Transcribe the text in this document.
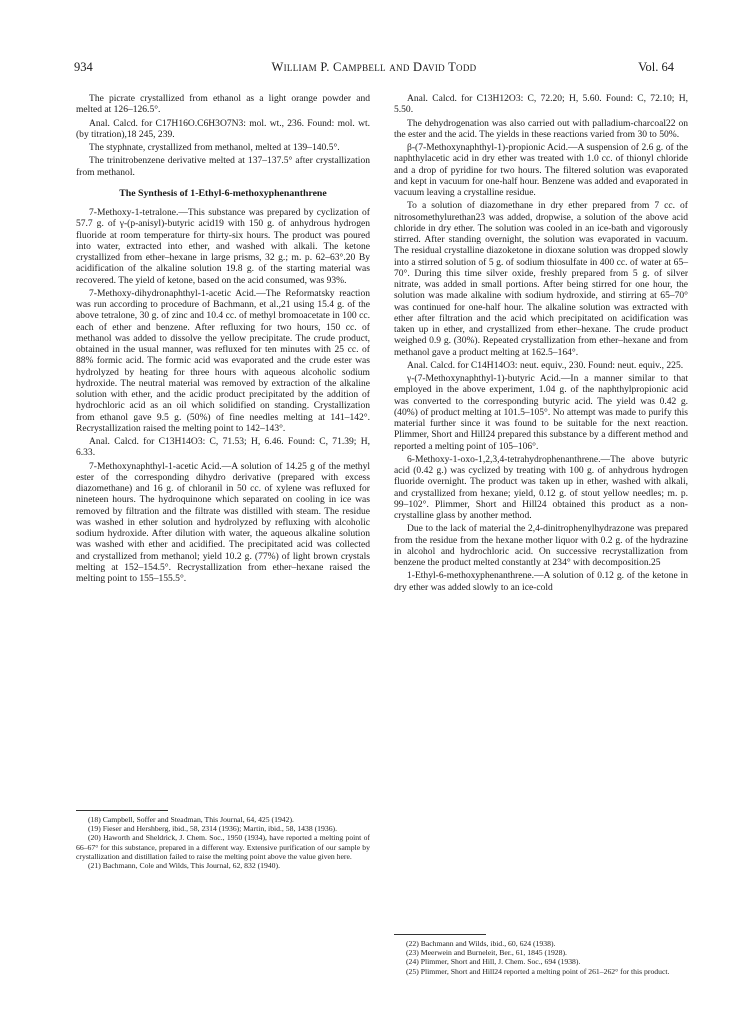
934	William P. Campbell and David Todd	Vol. 64

The picrate crystallized from ethanol as a light orange powder and melted at 126–126.5°.

Anal. Calcd. for C17H16O.C6H3O7N3: mol. wt., 236. Found: mol. wt. (by titration),18 245, 239.

The styphnate, crystallized from methanol, melted at 139–140.5°.

The trinitrobenzene derivative melted at 137–137.5° after crystallization from methanol.

The Synthesis of 1-Ethyl-6-methoxyphenanthrene

7-Methoxy-1-tetralone.—This substance was prepared by cyclization of 57.7 g. of γ-(p-anisyl)-butyric acid19 with 150 g. of anhydrous hydrogen fluoride at room temperature for thirty-six hours. The product was poured into water, extracted into ether, and washed with alkali. The ketone crystallized from ether–hexane in large prisms, 32 g.; m. p. 62–63°.20 By acidification of the alkaline solution 19.8 g. of the starting material was recovered. The yield of ketone, based on the acid consumed, was 93%.

7-Methoxy-dihydronaphthyl-1-acetic Acid.—The Reformatsky reaction was run according to procedure of Bachmann, et al.,21 using 15.4 g. of the above tetralone, 30 g. of zinc and 10.4 cc. of methyl bromoacetate in 100 cc. each of ether and benzene. After refluxing for two hours, 150 cc. of methanol was added to dissolve the yellow precipitate. The crude product, obtained in the usual manner, was refluxed for ten minutes with 25 cc. of 88% formic acid. The formic acid was evaporated and the crude ester was hydrolyzed by heating for three hours with aqueous alcoholic sodium hydroxide. The neutral material was removed by extraction of the alkaline solution with ether, and the acidic product precipitated by the addition of hydrochloric acid as an oil which solidified on standing. Crystallization from ethanol gave 9.5 g. (50%) of fine needles melting at 141–142°. Recrystallization raised the melting point to 142–143°.

Anal. Calcd. for C13H14O3: C, 71.53; H, 6.46. Found: C, 71.39; H, 6.33.

7-Methoxynaphthyl-1-acetic Acid.—A solution of 14.25 g of the methyl ester of the corresponding dihydro derivative (prepared with excess diazomethane) and 16 g. of chloranil in 50 cc. of xylene was refluxed for nineteen hours. The hydroquinone which separated on cooling in ice was removed by filtration and the filtrate was distilled with steam. The residue was washed in ether solution and hydrolyzed by refluxing with alcoholic sodium hydroxide. After dilution with water, the aqueous alkaline solution was washed with ether and acidified. The precipitated acid was collected and crystallized from methanol; yield 10.2 g. (77%) of light brown crystals melting at 152–154.5°. Recrystallization from ether–hexane raised the melting point to 155–155.5°.

(18) Campbell, Soffer and Steadman, This Journal, 64, 425 (1942).

(19) Fieser and Hershberg, ibid., 58, 2314 (1936); Martin, ibid., 58, 1438 (1936).

(20) Haworth and Sheldrick, J. Chem. Soc., 1950 (1934), have reported a melting point of 66–67° for this substance, prepared in a different way. Extensive purification of our sample by crystallization and distillation failed to raise the melting point above the value given here.

(21) Bachmann, Cole and Wilds, This Journal, 62, 832 (1940).

Anal. Calcd. for C13H12O3: C, 72.20; H, 5.60. Found: C, 72.10; H, 5.50.

The dehydrogenation was also carried out with palladium-charcoal22 on the ester and the acid. The yields in these reactions varied from 30 to 50%.

β-(7-Methoxynaphthyl-1)-propionic Acid.—A suspension of 2.6 g. of the naphthylacetic acid in dry ether was treated with 1.0 cc. of thionyl chloride and a drop of pyridine for two hours. The filtered solution was evaporated and kept in vacuum for one-half hour. Benzene was added and evaporated in vacuum leaving a crystalline residue.

To a solution of diazomethane in dry ether prepared from 7 cc. of nitrosomethylurethan23 was added, dropwise, a solution of the above acid chloride in dry ether. The solution was cooled in an ice-bath and vigorously stirred. After standing overnight, the solution was evaporated in vacuum. The residual crystalline diazoketone in dioxane solution was dropped slowly into a stirred solution of 5 g. of sodium thiosulfate in 400 cc. of water at 65–70°. During this time silver oxide, freshly prepared from 5 g. of silver nitrate, was added in small portions. After being stirred for one hour, the solution was made alkaline with sodium hydroxide, and stirring at 65–70° was continued for one-half hour. The alkaline solution was extracted with ether after filtration and the acid which precipitated on acidification was taken up in ether, and crystallized from ether–hexane. The crude product weighed 0.9 g. (30%). Repeated crystallization from ether–hexane and from methanol gave a product melting at 162.5–164°.

Anal. Calcd. for C14H14O3: neut. equiv., 230. Found: neut. equiv., 225.

γ-(7-Methoxynaphthyl-1)-butyric Acid.—In a manner similar to that employed in the above experiment, 1.04 g. of the naphthylpropionic acid was converted to the corresponding butyric acid. The yield was 0.42 g. (40%) of product melting at 101.5–105°. No attempt was made to purify this material further since it was found to be suitable for the next reaction. Plimmer, Short and Hill24 prepared this substance by a different method and reported a melting point of 105–106°.

6-Methoxy-1-oxo-1,2,3,4-tetrahydrophenanthrene.—The above butyric acid (0.42 g.) was cyclized by treating with 100 g. of anhydrous hydrogen fluoride overnight. The product was taken up in ether, washed with alkali, and crystallized from hexane; yield, 0.12 g. of stout yellow needles; m. p. 99–102°. Plimmer, Short and Hill24 obtained this product as a non-crystalline glass by another method.

Due to the lack of material the 2,4-dinitrophenylhydrazone was prepared from the residue from the hexane mother liquor with 0.2 g. of the hydrazine in alcohol and hydrochloric acid. On successive recrystallization from benzene the product melted constantly at 234° with decomposition.25

1-Ethyl-6-methoxyphenanthrene.—A solution of 0.12 g. of the ketone in dry ether was added slowly to an ice-cold

(22) Bachmann and Wilds, ibid., 60, 624 (1938).

(23) Meerwein and Burneleit, Ber., 61, 1845 (1928).

(24) Plimmer, Short and Hill, J. Chem. Soc., 694 (1938).

(25) Plimmer, Short and Hill24 reported a melting point of 261–262° for this product.
